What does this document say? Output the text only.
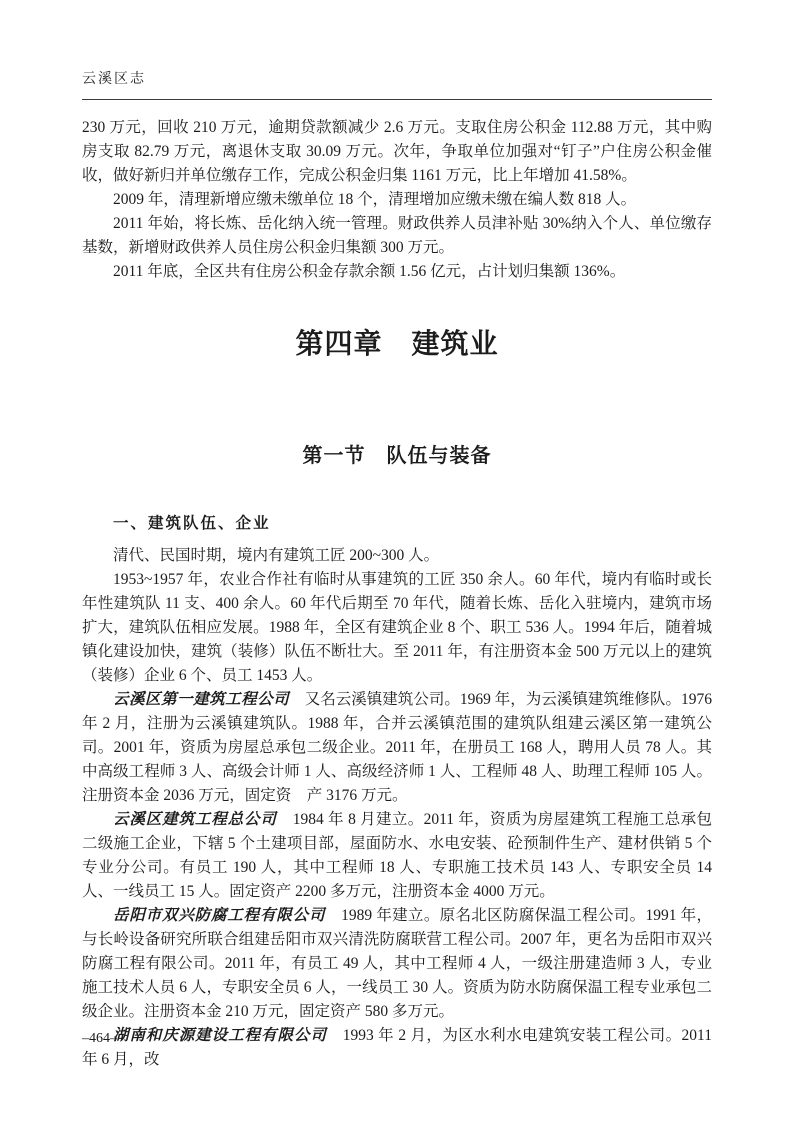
云溪区志

230 万元，回收 210 万元，逾期贷款额减少 2.6 万元。支取住房公积金 112.88 万元，其中购房支取 82.79 万元，离退休支取 30.09 万元。次年，争取单位加强对“钉子”户住房公积金催收，做好新归并单位缴存工作，完成公积金归集 1161 万元，比上年增加 41.58%。

2009 年，清理新增应缴未缴单位 18 个，清理增加应缴未缴在编人数 818 人。

2011 年始，将长炼、岳化纳入统一管理。财政供养人员津补贴 30%纳入个人、单位缴存基数，新增财政供养人员住房公积金归集额 300 万元。

2011 年底，全区共有住房公积金存款余额 1.56 亿元，占计划归集额 136%。

第四章　建筑业
第一节　队伍与装备
一、建筑队伍、企业

清代、民国时期，境内有建筑工匠 200~300 人。

1953~1957 年，农业合作社有临时从事建筑的工匠 350 余人。60 年代，境内有临时或长年性建筑队 11 支、400 余人。60 年代后期至 70 年代，随着长炼、岳化入驻境内，建筑市场扩大，建筑队伍相应发展。1988 年，全区有建筑企业 8 个、职工 536 人。1994 年后，随着城镇化建设加快，建筑（装修）队伍不断壮大。至 2011 年，有注册资本金 500 万元以上的建筑（装修）企业 6 个、员工 1453 人。

云溪区第一建筑工程公司　又名云溪镇建筑公司。1969 年，为云溪镇建筑维修队。1976 年 2 月，注册为云溪镇建筑队。1988 年，合并云溪镇范围的建筑队组建云溪区第一建筑公司。2001 年，资质为房屋总承包二级企业。2011 年，在册员工 168 人，聘用人员 78 人。其中高级工程师 3 人、高级会计师 1 人、高级经济师 1 人、工程师 48 人、助理工程师 105 人。注册资本金 2036 万元，固定资　产 3176 万元。

云溪区建筑工程总公司　1984 年 8 月建立。2011 年，资质为房屋建筑工程施工总承包二级施工企业，下辖 5 个土建项目部，屋面防水、水电安装、砼预制件生产、建材供销 5 个专业分公司。有员工 190 人，其中工程师 18 人、专职施工技术员 143 人、专职安全员 14 人、一线员工 15 人。固定资产 2200 多万元，注册资本金 4000 万元。

岳阳市双兴防腐工程有限公司　1989 年建立。原名北区防腐保温工程公司。1991 年，与长岭设备研究所联合组建岳阳市双兴清洗防腐联营工程公司。2007 年，更名为岳阳市双兴防腐工程有限公司。2011 年，有员工 49 人，其中工程师 4 人，一级注册建造师 3 人，专业施工技术人员 6 人，专职安全员 6 人，一线员工 30 人。资质为防水防腐保温工程专业承包二级企业。注册资本金 210 万元，固定资产 580 多万元。

湖南和庆源建设工程有限公司　1993 年 2 月，为区水利水电建筑安装工程公司。2011 年 6 月，改

–464–
